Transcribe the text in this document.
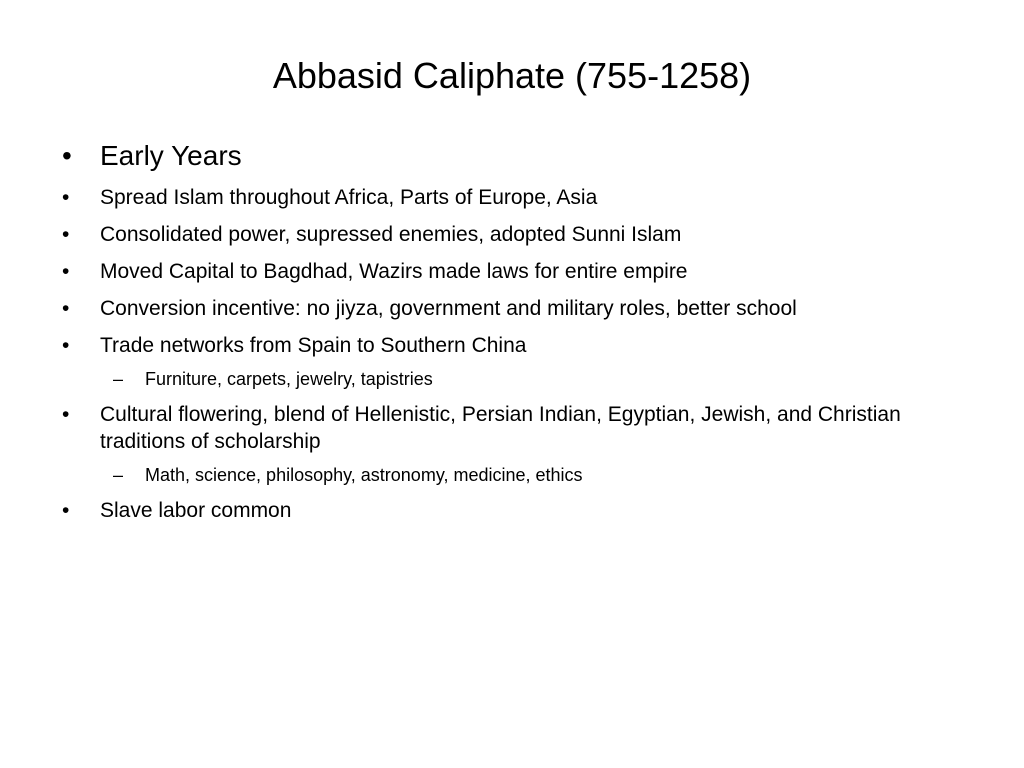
Abbasid Caliphate (755-1258)
• Early Years
• Spread Islam throughout Africa, Parts of Europe, Asia
• Consolidated power, supressed enemies, adopted Sunni Islam
• Moved Capital to Bagdhad, Wazirs made laws for entire empire
• Conversion incentive: no jiyza, government and military roles, better school
• Trade networks from Spain to Southern China
– Furniture, carpets, jewelry, tapistries
• Cultural flowering, blend of Hellenistic, Persian Indian, Egyptian, Jewish, and Christian traditions of scholarship
– Math, science, philosophy, astronomy, medicine, ethics
• Slave labor common
